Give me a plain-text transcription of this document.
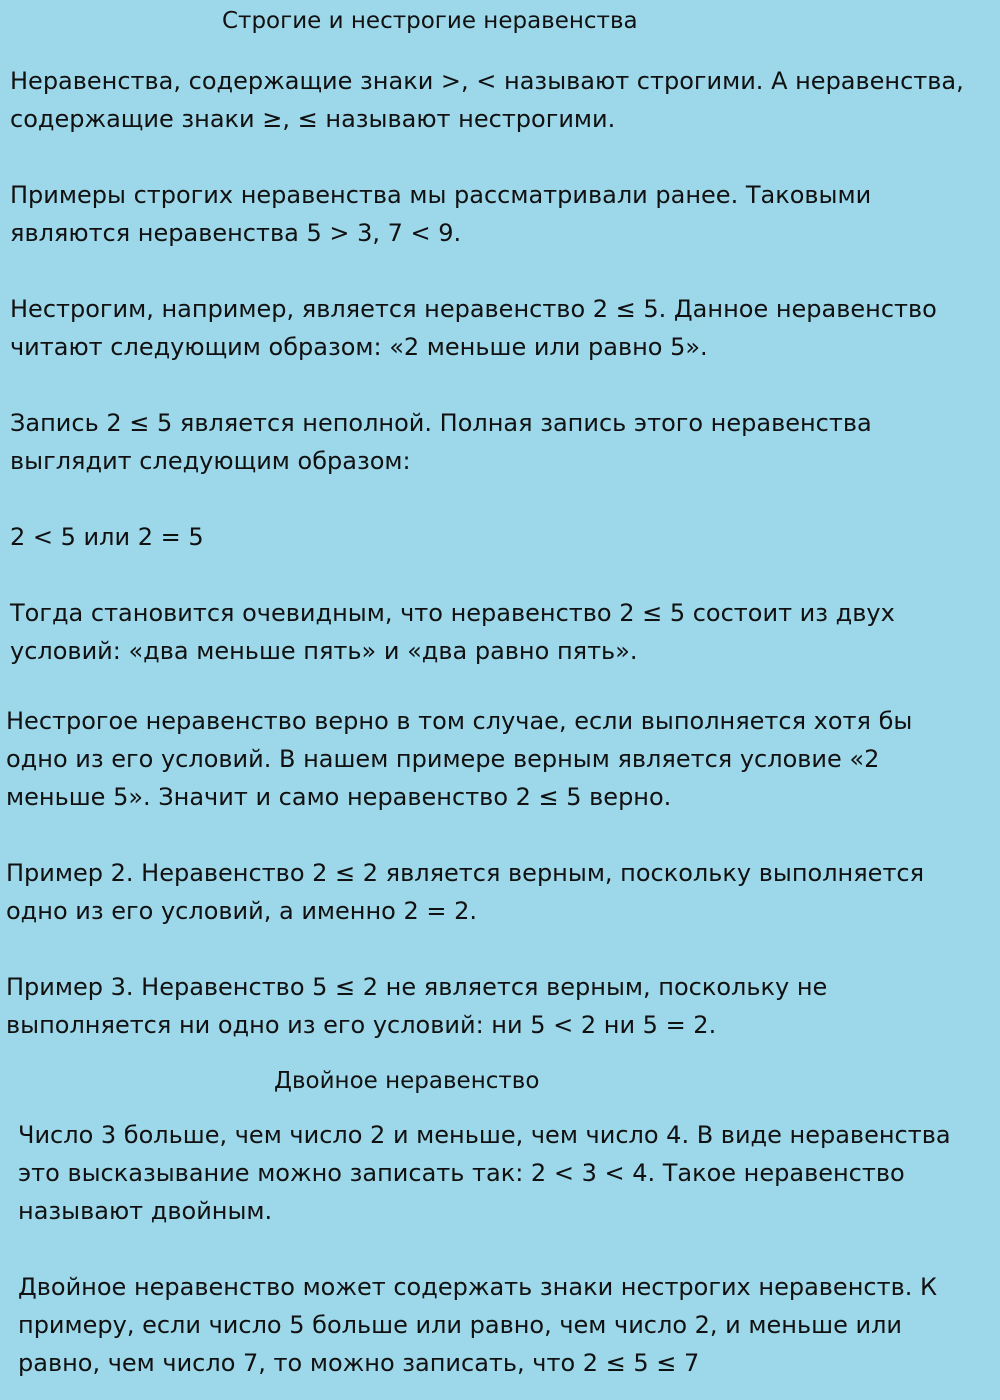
Строгие и нестрогие неравенства
Неравенства, содержащие знаки >, < называют строгими. А неравенства,
содержащие знаки ≥, ≤ называют нестрогими.
Примеры строгих неравенства мы рассматривали ранее. Таковыми
являются неравенства 5 > 3, 7 < 9.
Нестрогим, например, является неравенство 2 ≤ 5. Данное неравенство
читают следующим образом: «2 меньше или равно 5».
Запись 2 ≤ 5 является неполной. Полная запись этого неравенства
выглядит следующим образом:
2 < 5 или 2 = 5
Тогда становится очевидным, что неравенство 2 ≤ 5 состоит из двух
условий: «два меньше пять» и «два равно пять».
Нестрогое неравенство верно в том случае, если выполняется хотя бы
одно из его условий. В нашем примере верным является условие «2
меньше 5». Значит и само неравенство 2 ≤ 5 верно.
Пример 2. Неравенство 2 ≤ 2 является верным, поскольку выполняется
одно из его условий, а именно 2 = 2.
Пример 3. Неравенство 5 ≤ 2 не является верным, поскольку не
выполняется ни одно из его условий: ни 5 < 2 ни 5 = 2.
Двойное неравенство
Число 3 больше, чем число 2 и меньше, чем число 4. В виде неравенства
это высказывание можно записать так: 2 < 3 < 4. Такое неравенство
называют двойным.
Двойное неравенство может содержать знаки нестрогих неравенств. К
примеру, если число 5 больше или равно, чем число 2, и меньше или
равно, чем число 7, то можно записать, что 2 ≤ 5 ≤ 7
